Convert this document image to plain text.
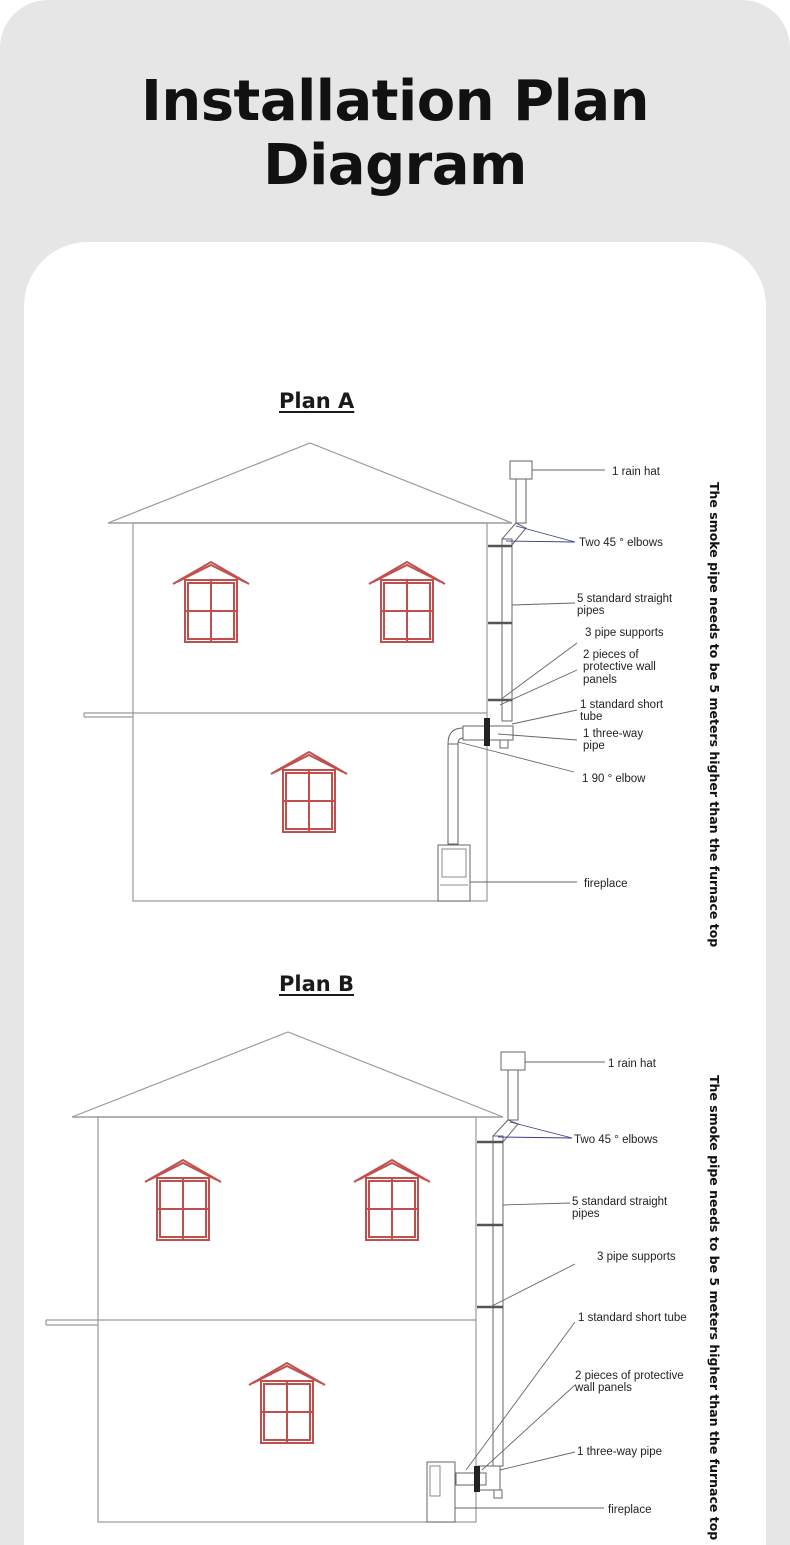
Installation Plan
Diagram
Plan A
Plan B
1 rain hat
Two 45 ° elbows
5 standard straight
pipes
3 pipe supports
2 pieces of
protective wall
panels
1 standard short
tube
1 three-way
pipe
1 90 ° elbow
fireplace	The smoke pipe needs to be 5 meters higher than the furnace top
1 rain hat
Two 45 ° elbows
5 standard straight
pipes
3 pipe supports
1 standard short tube
2 pieces of protective
wall panels
1 three-way pipe
fireplace	The smoke pipe needs to be 5 meters higher than the furnace top
